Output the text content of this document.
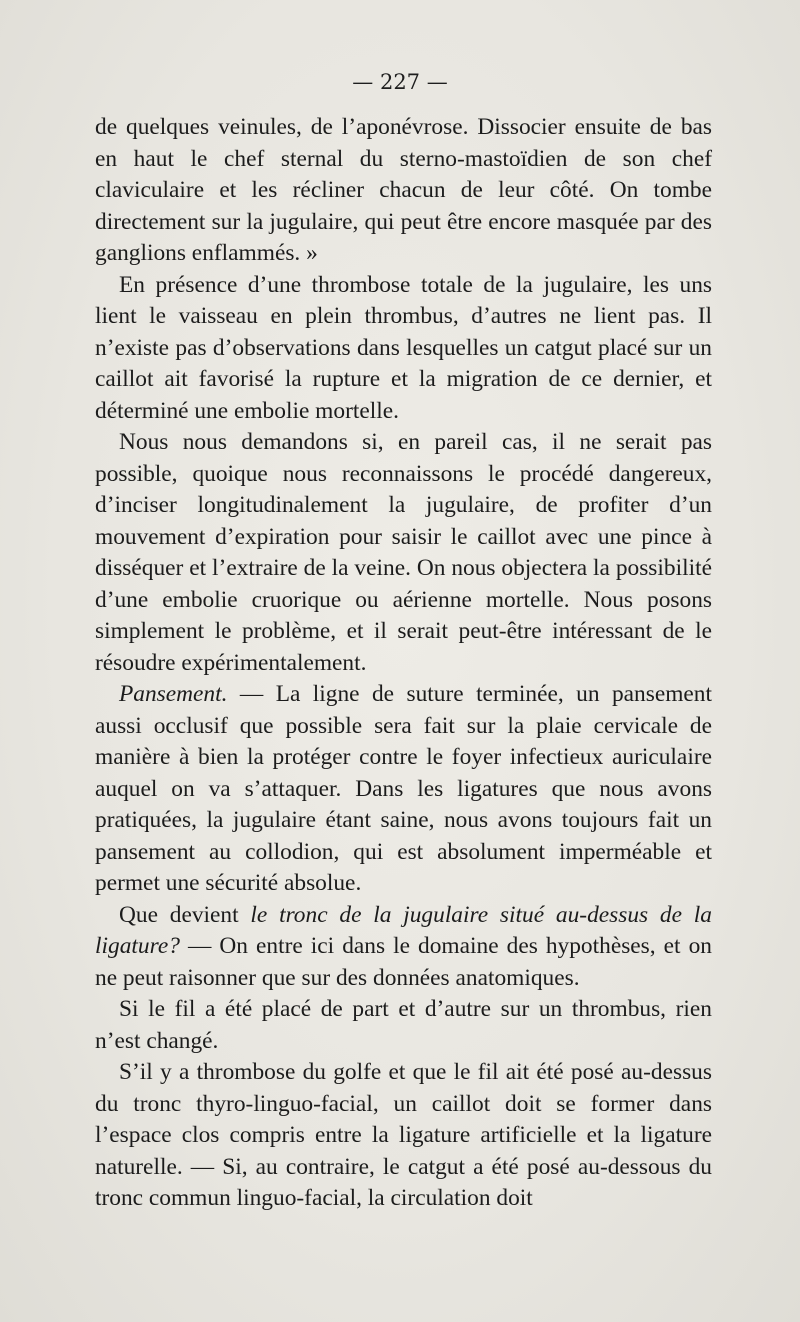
— 227 —

de quelques veinules, de l’aponévrose. Dissocier ensuite de bas en haut le chef sternal du sterno-mastoïdien de son chef claviculaire et les récliner chacun de leur côté. On tombe directement sur la jugulaire, qui peut être encore masquée par des ganglions enflammés. »

En présence d’une thrombose totale de la jugulaire, les uns lient le vaisseau en plein thrombus, d’autres ne lient pas. Il n’existe pas d’observations dans lesquelles un catgut placé sur un caillot ait favorisé la rupture et la migration de ce dernier, et déterminé une embolie mortelle.

Nous nous demandons si, en pareil cas, il ne serait pas possible, quoique nous reconnaissons le procédé dangereux, d’inciser longitudinalement la jugulaire, de profiter d’un mouvement d’expiration pour saisir le caillot avec une pince à disséquer et l’extraire de la veine. On nous objectera la possibilité d’une embolie cruorique ou aérienne mortelle. Nous posons simplement le problème, et il serait peut-être intéressant de le résoudre expérimentalement.

Pansement. — La ligne de suture terminée, un pansement aussi occlusif que possible sera fait sur la plaie cervicale de manière à bien la protéger contre le foyer infectieux auriculaire auquel on va s’attaquer. Dans les ligatures que nous avons pratiquées, la jugulaire étant saine, nous avons toujours fait un pansement au collodion, qui est absolument imperméable et permet une sécurité absolue.

Que devient le tronc de la jugulaire situé au-dessus de la ligature? — On entre ici dans le domaine des hypothèses, et on ne peut raisonner que sur des données anatomiques.

Si le fil a été placé de part et d’autre sur un thrombus, rien n’est changé.

S’il y a thrombose du golfe et que le fil ait été posé au-dessus du tronc thyro-linguo-facial, un caillot doit se former dans l’espace clos compris entre la ligature artificielle et la ligature naturelle. — Si, au contraire, le catgut a été posé au-dessous du tronc commun linguo-facial, la circulation doit
